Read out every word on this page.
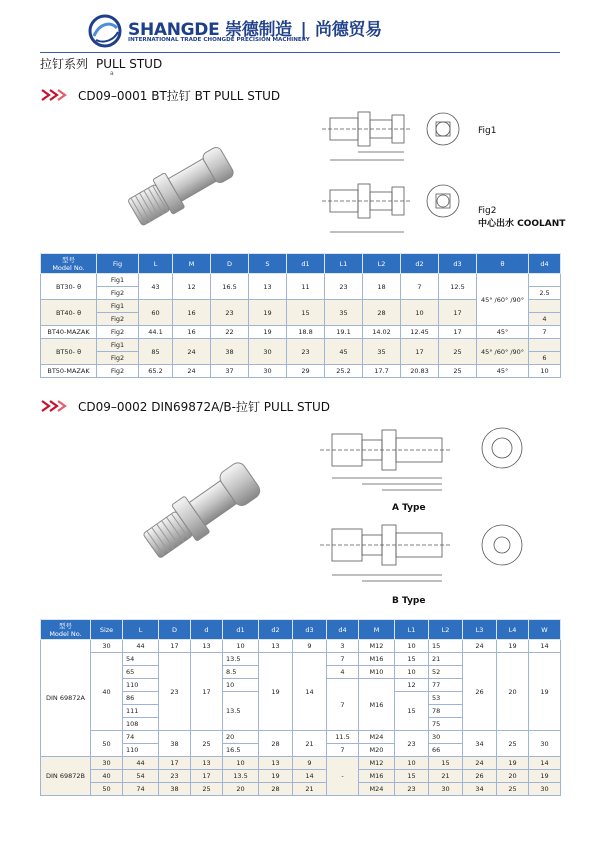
SHANGDE 崇德制造 | 尚德贸易
INTERNATIONAL TRADE CHONGDE PRECISION MACHINERY
拉钉系列 PULL STUD
a
CD09–0001 BT拉钉 BT PULL STUD
Fig1
Fig2
中心出水 COOLANT
型号
Model No.	Fig	L	M	D	S	d1	L1	L2	d2	d3	θ	d4
BT30- θ	Fig1	43	12	16.5	13	11	23	18	7	12.5	45° /60° /90°	
	Fig2											2.5
BT40- θ	Fig1	60	16	23	19	15	35	28	10	17		
	Fig2											4
BT40-MAZAK	Fig2	44.1	16	22	19	18.8	19.1	14.02	12.45	17	45°	7
BT50- θ	Fig1	85	24	38	30	23	45	35	17	25	45° /60° /90°	
	Fig2											6
BT50-MAZAK	Fig2	65.2	24	37	30	29	25.2	17.7	20.83	25	45°	10
CD09–0002 DIN69872A/B-拉钉 PULL STUD
A Type
B Type
型号
Model No.	Size	L	D	d	d1	d2	d3	d4	M	L1	L2	L3	L4	W
DIN 69872A	30	44	17	13	10	13	9	3	M12	10	15	24	19	14
	40	54	23	17	13.5	19	14	7	M16	15	21	26	20	19
		65			8.5			4	M10	10	52			
		110			10			7	M16	12	77			
		86			13.5					15	53			
		111									78			
		108									75			
	50	74	38	25	20	28	21	11.5	M24	23	30	34	25	30
		110			16.5			7	M20		66			
DIN 69872B	30	44	17	13	10	13	9	-	M12	10	15	24	19	14
	40	54	23	17	13.5	19	14		M16	15	21	26	20	19
	50	74	38	25	20	28	21		M24	23	30	34	25	30
